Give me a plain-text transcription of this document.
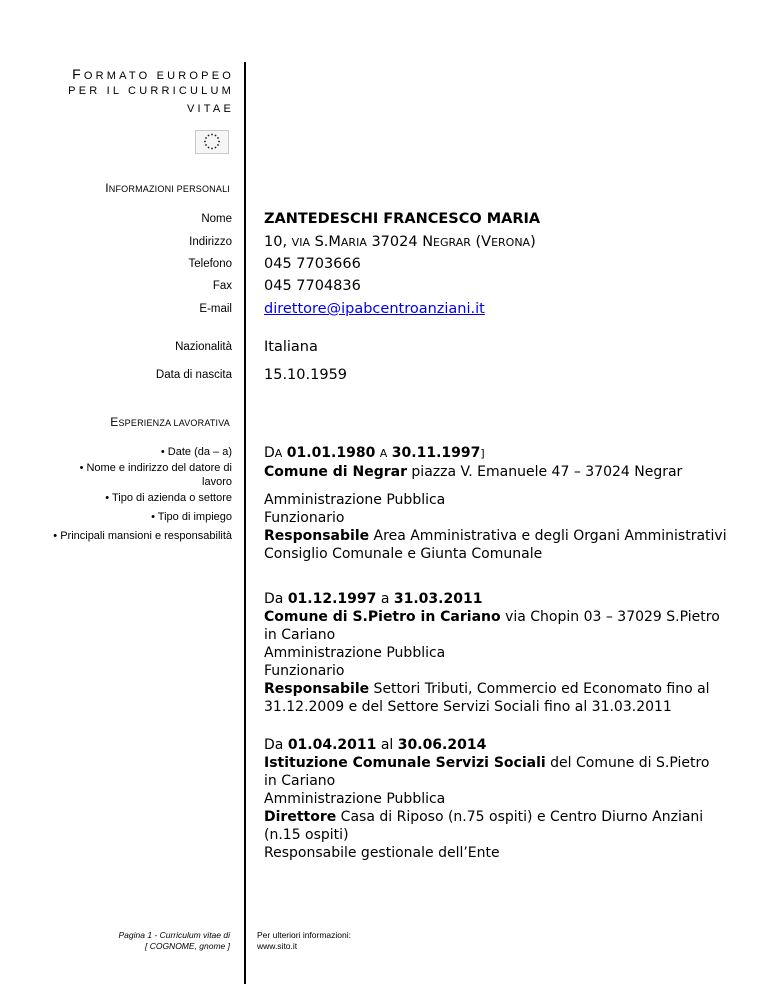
FORMATO EUROPEO
PER IL CURRICULUM
VITAE
INFORMAZIONI PERSONALI
Nome ZANTEDESCHI FRANCESCO MARIA
Indirizzo 10, VIA S.MARIA 37024 NEGRAR (VERONA)
Telefono 045 7703666
Fax 045 7704836
E-mail direttore@ipabcentroanziani.it
Nazionalità Italiana
Data di nascita 15.10.1959
ESPERIENZA LAVORATIVA
• Date (da – a)
• Nome e indirizzo del datore di
lavoro
• Tipo di azienda o settore
• Tipo di impiego
• Principali mansioni e responsabilità
DA 01.01.1980 A 30.11.1997]
Comune di Negrar piazza V. Emanuele 47 – 37024 Negrar
Amministrazione Pubblica
Funzionario
Responsabile Area Amministrativa e degli Organi Amministrativi
Consiglio Comunale e Giunta Comunale
Da 01.12.1997 a 31.03.2011
Comune di S.Pietro in Cariano via Chopin 03 – 37029 S.Pietro
in Cariano
Amministrazione Pubblica
Funzionario
Responsabile Settori Tributi, Commercio ed Economato fino al
31.12.2009 e del Settore Servizi Sociali fino al 31.03.2011
Da 01.04.2011 al 30.06.2014
Istituzione Comunale Servizi Sociali del Comune di S.Pietro
in Cariano
Amministrazione Pubblica
Direttore Casa di Riposo (n.75 ospiti) e Centro Diurno Anziani
(n.15 ospiti)
Responsabile gestionale dell’Ente
Pagina 1 - Curriculum vitae di
[ COGNOME, gnome ]
Per ulteriori informazioni:
www.sito.it
